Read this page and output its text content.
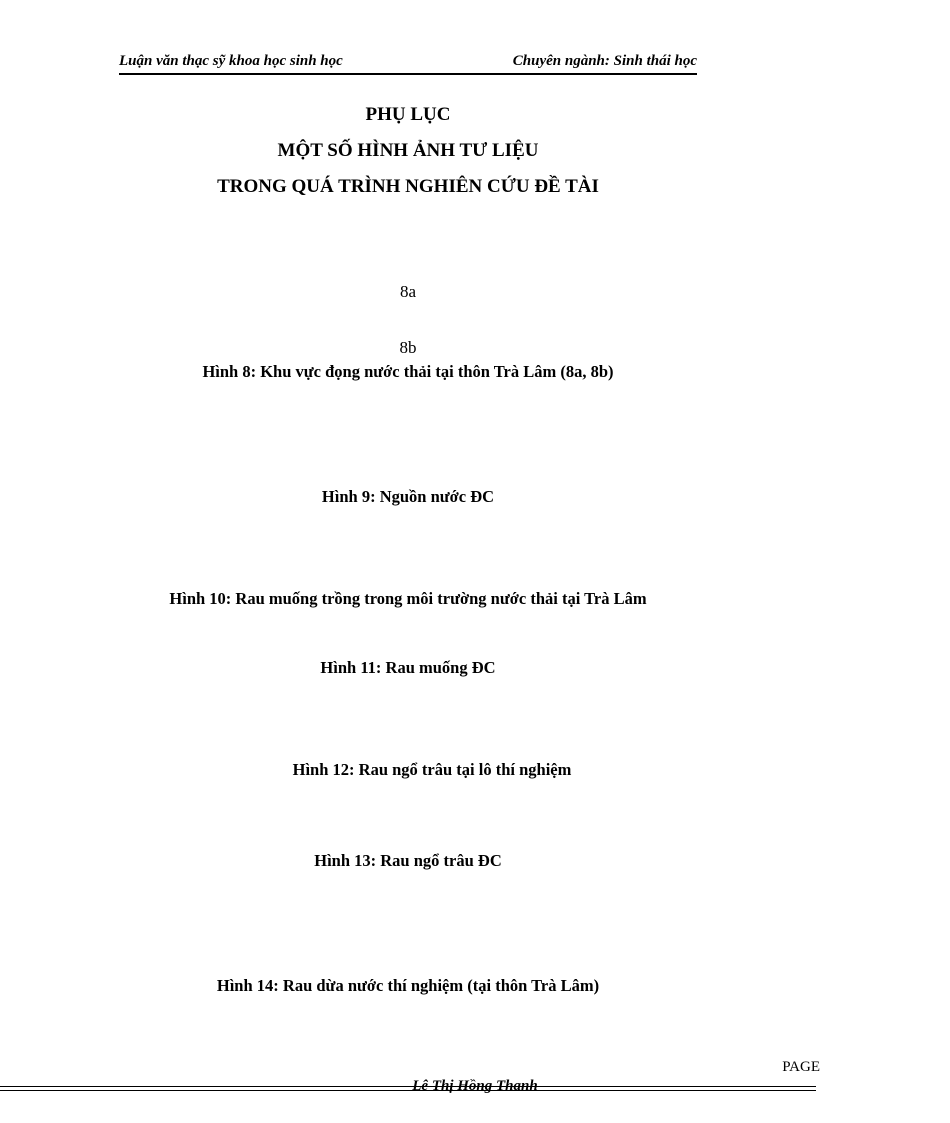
Luận văn thạc sỹ khoa học sinh học	Chuyên ngành: Sinh thái học
PHỤ LỤC
MỘT SỐ HÌNH ẢNH TƯ LIỆU
TRONG QUÁ TRÌNH NGHIÊN CỨU ĐỀ TÀI
8a
8b
Hình 8: Khu vực đọng nước thải tại thôn Trà Lâm (8a, 8b)
Hình 9: Nguồn nước ĐC
Hình 10: Rau muống trồng trong môi trường nước thải tại Trà Lâm
Hình 11: Rau muống ĐC
Hình 12: Rau ngổ trâu tại lô thí nghiệm
Hình 13: Rau ngổ trâu ĐC
Hình 14: Rau dừa nước thí nghiệm (tại thôn Trà Lâm)
PAGE
Lê Thị Hồng Thanh
